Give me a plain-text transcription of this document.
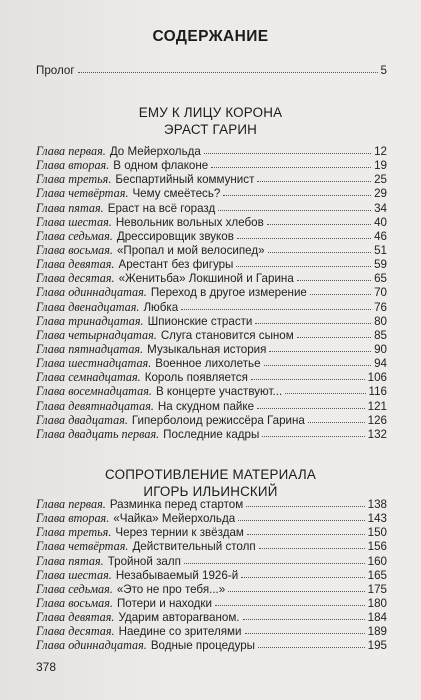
СОДЕРЖАНИЕ
Пролог	5
ЕМУ К ЛИЦУ КОРОНА
ЭРАСТ ГАРИН
Глава первая. До Мейерхольда	12
Глава вторая. В одном флаконе	19
Глава третья. Беспартийный коммунист	25
Глава четвёртая. Чему смеётесь?	29
Глава пятая. Ераст на всё горазд	34
Глава шестая. Невольник вольных хлебов	40
Глава седьмая. Дрессировщик звуков	46
Глава восьмая. «Пропал и мой велосипед»	51
Глава девятая. Арестант без фигуры	59
Глава десятая. «Женитьба» Локшиной и Гарина	65
Глава одиннадцатая. Переход в другое измерение	70
Глава двенадцатая. Любка	76
Глава тринадцатая. Шпионские страсти	80
Глава четырнадцатая. Слуга становится сыном	85
Глава пятнадцатая. Музыкальная история	90
Глава шестнадцатая. Военное лихолетье	94
Глава семнадцатая. Король появляется	106
Глава восемнадцатая. В концерте участвуют...	116
Глава девятнадцатая. На скудном пайке	121
Глава двадцатая. Гиперболоид режиссёра Гарина	126
Глава двадцать первая. Последние кадры	132
СОПРОТИВЛЕНИЕ МАТЕРИАЛА
ИГОРЬ ИЛЬИНСКИЙ
Глава первая. Разминка перед стартом	138
Глава вторая. «Чайка» Мейерхольда	143
Глава третья. Через тернии к звёздам	150
Глава четвёртая. Действительный столп	156
Глава пятая. Тройной залп	160
Глава шестая. Незабываемый 1926-й	165
Глава седьмая. «Это не про тебя...»	175
Глава восьмая. Потери и находки	180
Глава девятая. Ударим автоparваном.	184
Глава десятая. Наедине со зрителями	189
Глава одиннадцатая. Водные процедуры	195
378
